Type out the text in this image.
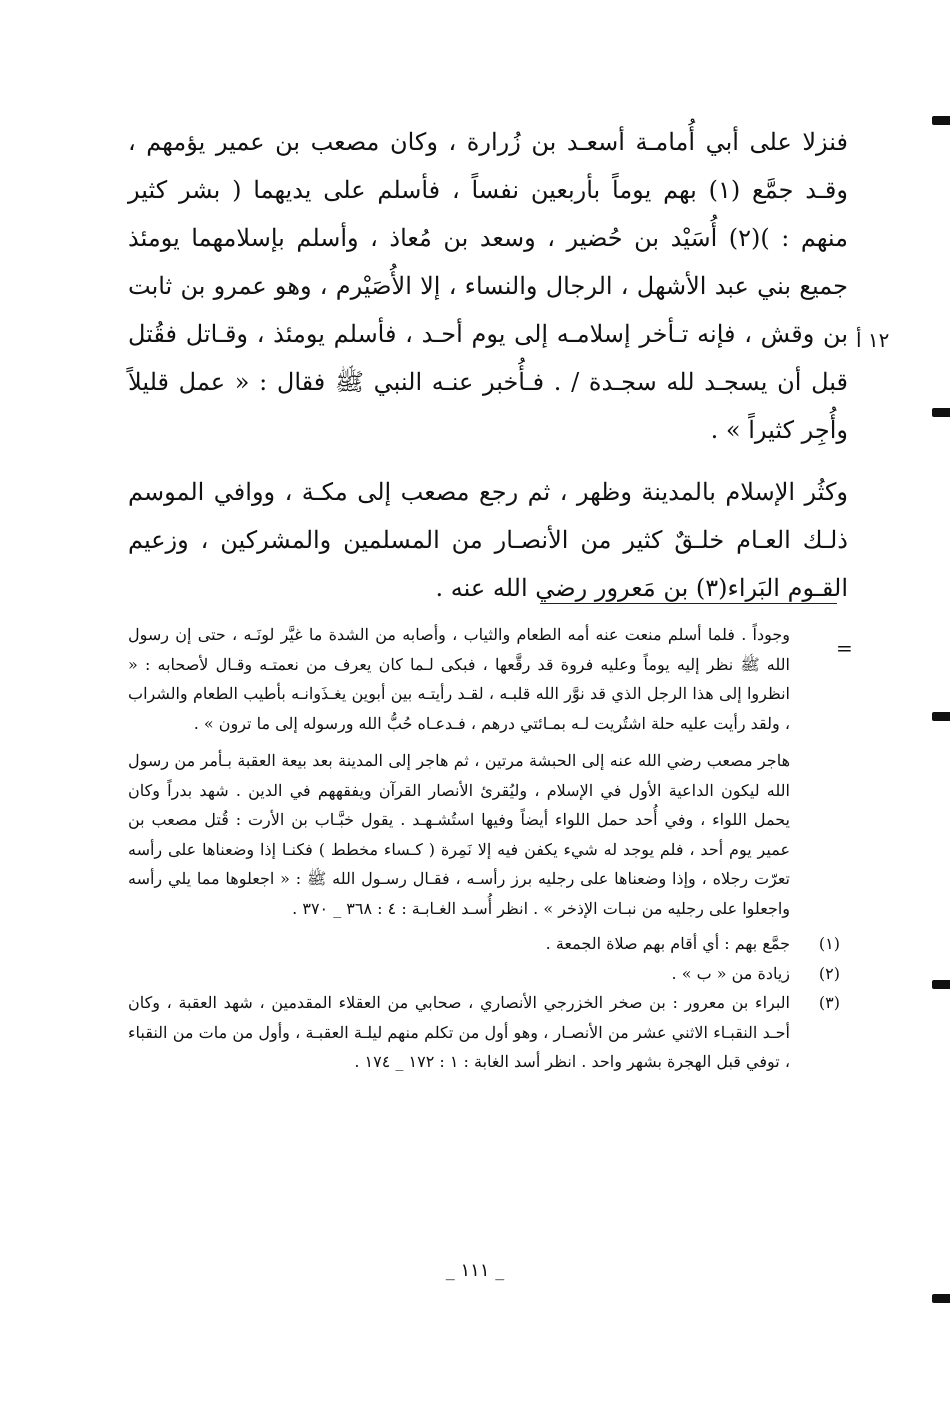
١٢ أ

فنزلا على أبي أُمامـة أسعـد بن زُرارة ، وكان مصعب بن عمير يؤمهم ، وقـد جمَّع (١) بهم يوماً بأربعين نفساً ، فأسلم على يديهما ( بشر كثير منهم : )(٢) أُسَيْد بن حُضير ، وسعد بن مُعاذ ، وأسلم بإسلامهما يومئذ جميع بني عبد الأشهل ، الرجال والنساء ، إلا الأُصَيْرم ، وهو عمرو بن ثابت بن وقش ، فإنه تـأخر إسلامـه إلى يوم أحـد ، فأسلم يومئذ ، وقـاتل فقُتل قبل أن يسجـد لله سجـدة / . فـأُخبر عنـه النبي ﷺ فقال : « عمل قليلاً وأُجِر كثيراً » .

وكثُر الإسلام بالمدينة وظهر ، ثم رجع مصعب إلى مكـة ، ووافي الموسم ذلـك العـام خلـقٌ كثير من الأنصـار من المسلمين والمشركين ، وزعيم القـوم البَراء(٣) بن مَعرور رضي الله عنه .

=

وجوداً . فلما أسلم منعت عنه أمه الطعام والثياب ، وأصابه من الشدة ما غيَّر لونَـه ، حتى إن رسول الله ﷺ نظر إليه يوماً وعليه فروة قد رقَّعها ، فبكى لـما كان يعرف من نعمتـه وقـال لأصحابه : « انظروا إلى هذا الرجل الذي قد نوَّر الله قلبـه ، لقـد رأيتـه بين أبوين يغـذَوانـه بأطيب الطعام والشراب ، ولقد رأيت عليه حلة اشتُريت لـه بمـائتي درهم ، فـدعـاه حُبُّ الله ورسوله إلى ما ترون » .

هاجر مصعب رضي الله عنه إلى الحبشة مرتين ، ثم هاجر إلى المدينة بعد بيعة العقبة بـأمر من رسول الله ليكون الداعية الأول في الإسلام ، وليُقرئ الأنصار القرآن ويفقههم في الدين . شهد بدراً وكان يحمل اللواء ، وفي أُحد حمل اللواء أيضاً وفيها استُشـهـد . يقول خبَّـاب بن الأرت : قُتل مصعب بن عمير يوم أحد ، فلم يوجد له شيء يكفن فيه إلا نَمِرة ( كـساء مخطط ) فكنـا إذا وضعناها على رأسه تعرّت رجلاه ، وإذا وضعناها على رجليه برز رأسـه ، فقـال رسـول الله ﷺ : « اجعلوها مما يلي رأسه واجعلوا على رجليه من نبـات الإذخر » . انظر أُسـد الغـابـة : ٤ : ٣٦٨ _ ٣٧٠ .

(١)
جمَّع بهم : أي أقام بهم صلاة الجمعة .
(٢)
زيادة من « ب » .
(٣)
البراء بن معرور : بن صخر الخزرجي الأنصاري ، صحابي من العقلاء المقدمين ، شهد العقبة ، وكان أحـد النقبـاء الاثني عشر من الأنصـار ، وهو أول من تكلم منهم ليلـة العقبـة ، وأول من مات من النقباء ، توفي قبل الهجرة بشهر واحد . انظر أسد الغابة : ١ : ١٧٢ _ ١٧٤ .
_ ١١١ _
